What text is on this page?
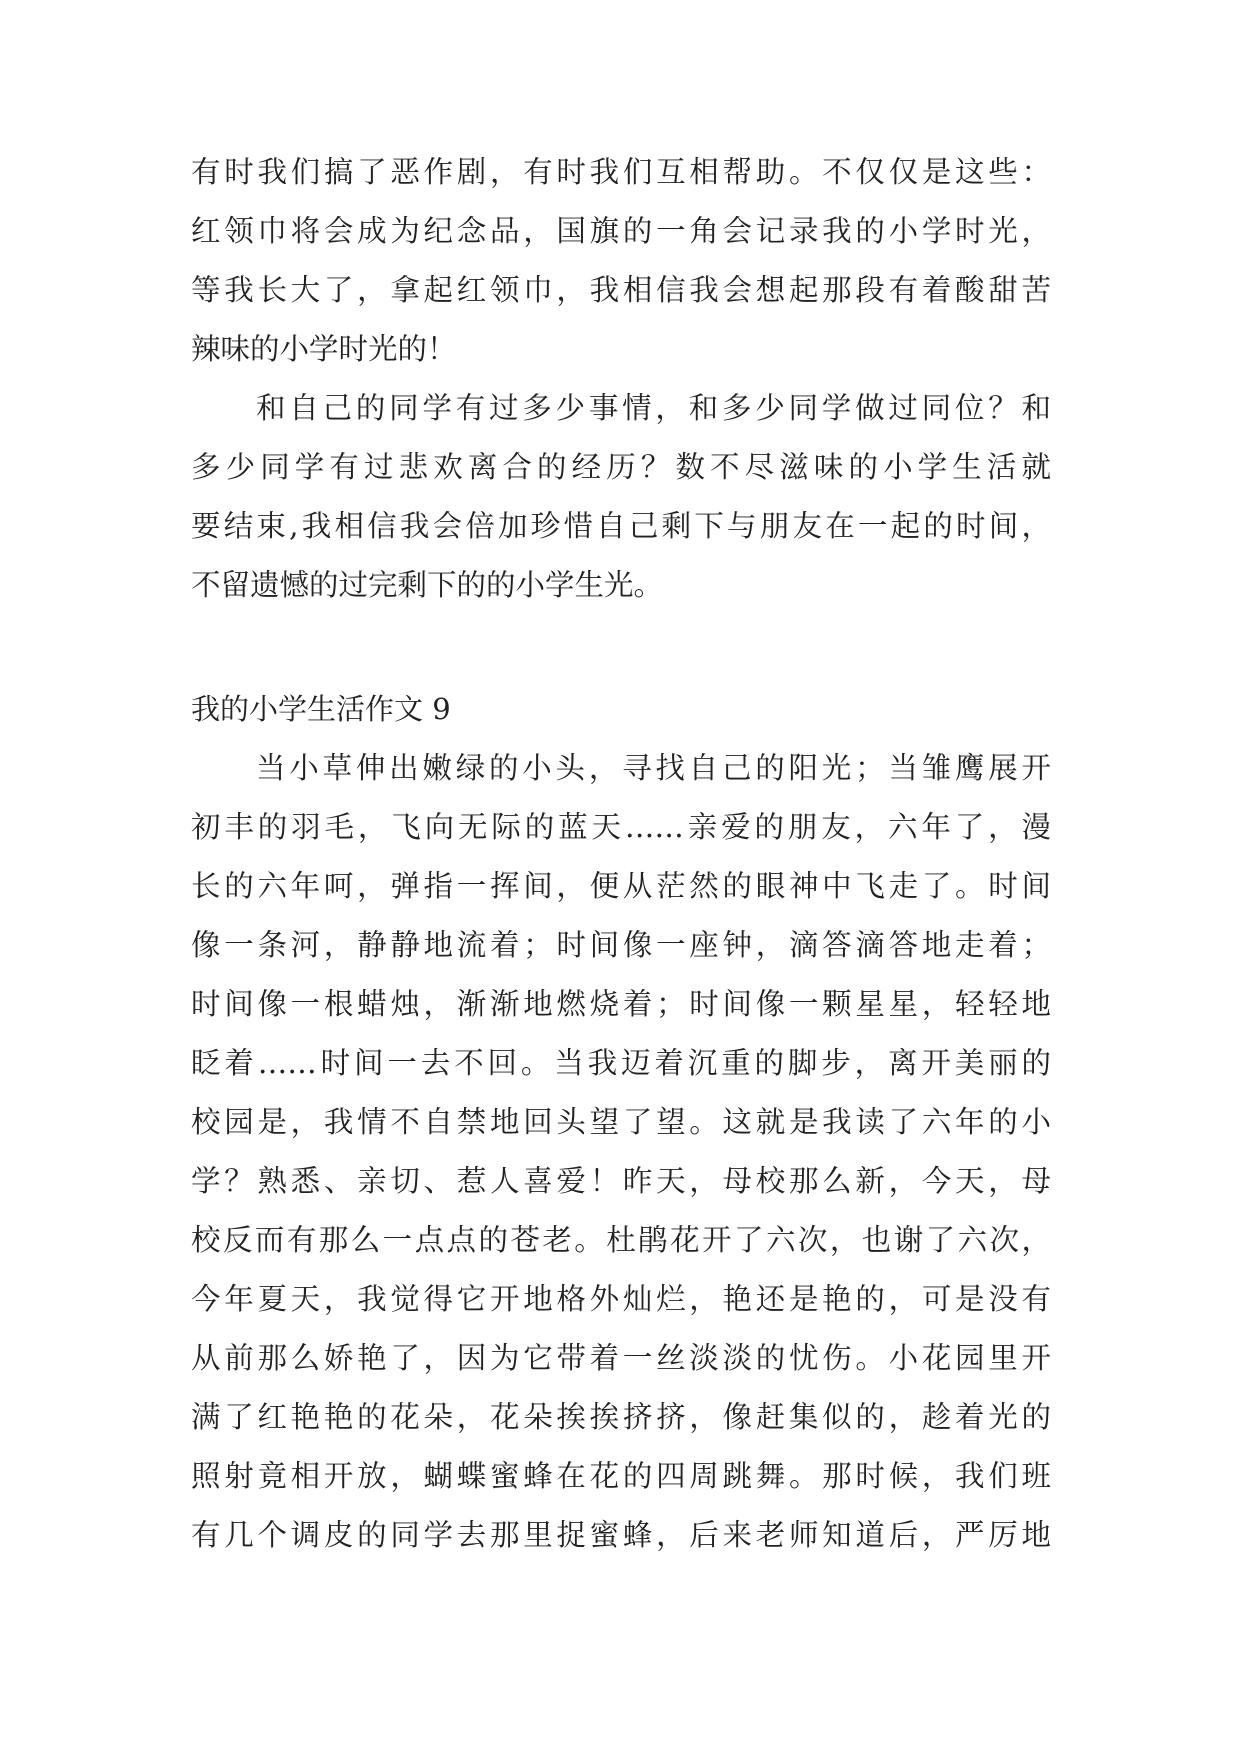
有时我们搞了恶作剧，有时我们互相帮助。不仅仅是这些：

红领巾将会成为纪念品，国旗的一角会记录我的小学时光，

等我长大了，拿起红领巾，我相信我会想起那段有着酸甜苦

辣味的小学时光的！

和自己的同学有过多少事情，和多少同学做过同位？和

多少同学有过悲欢离合的经历？数不尽滋味的小学生活就

要结束,我相信我会倍加珍惜自己剩下与朋友在一起的时间，

不留遗憾的过完剩下的的小学生光。

我的小学生活作文 9

当小草伸出嫩绿的小头，寻找自己的阳光；当雏鹰展开

初丰的羽毛，飞向无际的蓝天……亲爱的朋友，六年了，漫

长的六年呵，弹指一挥间，便从茫然的眼神中飞走了。时间

像一条河，静静地流着；时间像一座钟，滴答滴答地走着；

时间像一根蜡烛，渐渐地燃烧着；时间像一颗星星，轻轻地

眨着……时间一去不回。当我迈着沉重的脚步，离开美丽的

校园是，我情不自禁地回头望了望。这就是我读了六年的小

学？熟悉、亲切、惹人喜爱！昨天，母校那么新，今天，母

校反而有那么一点点的苍老。杜鹃花开了六次，也谢了六次，

今年夏天，我觉得它开地格外灿烂，艳还是艳的，可是没有

从前那么娇艳了，因为它带着一丝淡淡的忧伤。小花园里开

满了红艳艳的花朵，花朵挨挨挤挤，像赶集似的，趁着光的

照射竟相开放，蝴蝶蜜蜂在花的四周跳舞。那时候，我们班

有几个调皮的同学去那里捉蜜蜂，后来老师知道后，严厉地
